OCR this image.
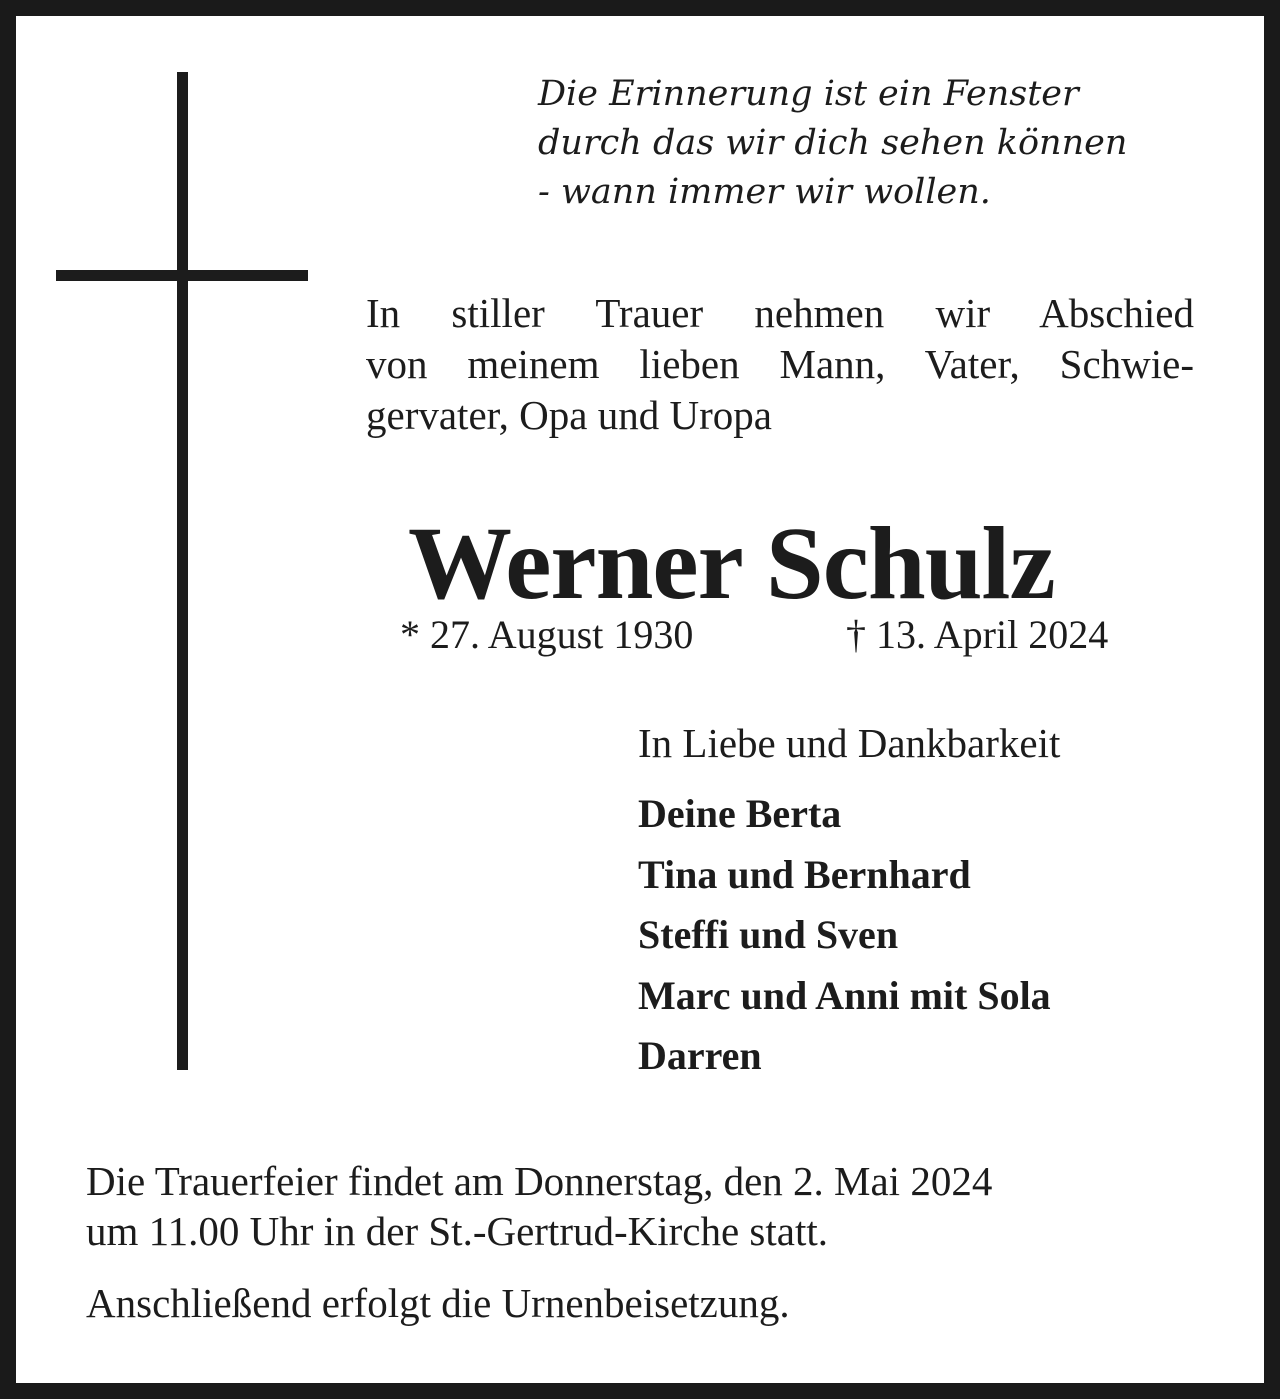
Die Erinnerung ist ein Fenster
durch das wir dich sehen können
- wann immer wir wollen.
In stiller Trauer nehmen wir Abschied
von meinem lieben Mann, Vater, Schwie-
gervater, Opa und Uropa
Werner Schulz
* 27. August 1930	† 13. April 2024
In Liebe und Dankbarkeit
Deine Berta
Tina und Bernhard
Steffi und Sven
Marc und Anni mit Sola
Darren
Die Trauerfeier findet am Donnerstag, den 2. Mai 2024
um 11.00 Uhr in der St.-Gertrud-Kirche statt.
Anschließend erfolgt die Urnenbeisetzung.
